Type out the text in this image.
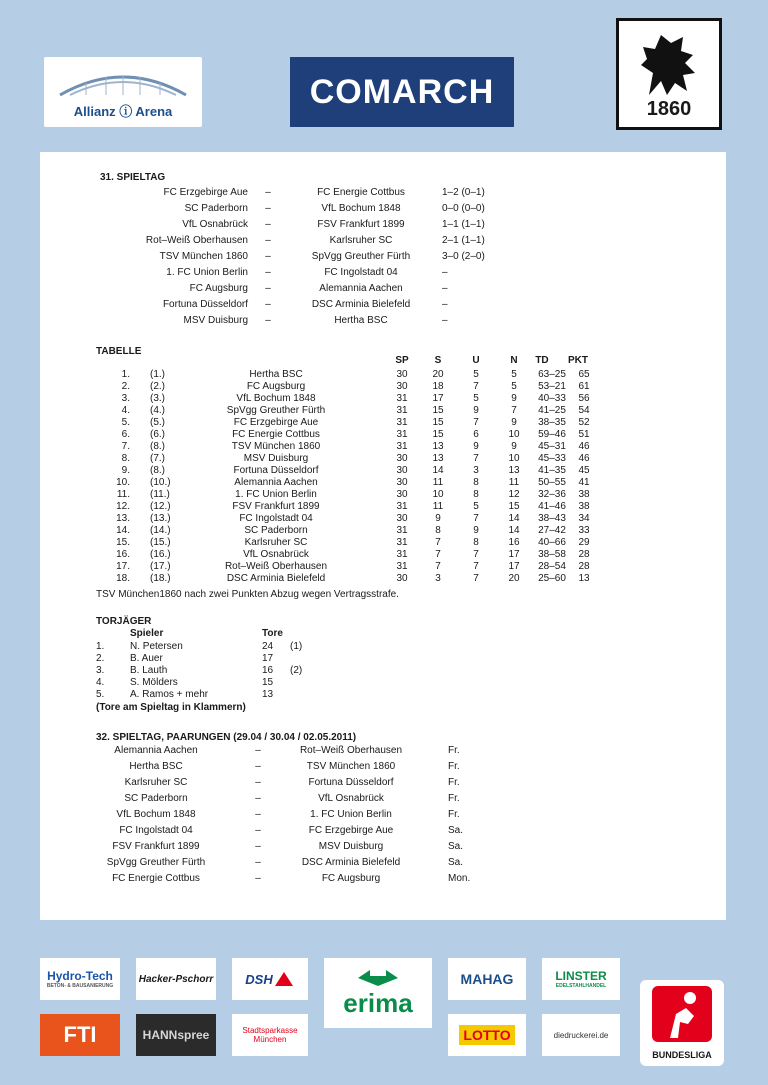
Allianz ⓘ Arena
COMARCH	1860
31. SPIELTAG
FC Erzgebirge Aue	–	FC Energie Cottbus	1–2 (0–1)
SC Paderborn	–	VfL Bochum 1848	0–0 (0–0)
VfL Osnabrück	–	FSV Frankfurt 1899	1–1 (1–1)
Rot–Weiß Oberhausen	–	Karlsruher SC	2–1 (1–1)
TSV München 1860	–	SpVgg Greuther Fürth	3–0 (2–0)
1. FC Union Berlin	–	FC Ingolstadt 04	–
FC Augsburg	–	Alemannia Aachen	–
Fortuna Düsseldorf	–	DSC Arminia Bielefeld	–
MSV Duisburg	–	Hertha BSC	–
TABELLE
SP	S	U	N	TD	PKT
1. (1.)	Hertha BSC	30	20	5	5	63–25	65
2. (2.)	FC Augsburg	30	18	7	5	53–21	61
3. (3.)	VfL Bochum 1848	31	17	5	9	40–33	56
4. (4.)	SpVgg Greuther Fürth	31	15	9	7	41–25	54
5. (5.)	FC Erzgebirge Aue	31	15	7	9	38–35	52
6. (6.)	FC Energie Cottbus	31	15	6	10	59–46	51
7. (8.)	TSV München 1860	31	13	9	9	45–31	46
8. (7.)	MSV Duisburg	30	13	7	10	45–33	46
9. (8.)	Fortuna Düsseldorf	30	14	3	13	41–35	45
10. (10.)	Alemannia Aachen	30	11	8	11	50–55	41
11. (11.)	1. FC Union Berlin	30	10	8	12	32–36	38
12. (12.)	FSV Frankfurt 1899	31	11	5	15	41–46	38
13. (13.)	FC Ingolstadt 04	30	9	7	14	38–43	34
14. (14.)	SC Paderborn	31	8	9	14	27–42	33
15. (15.)	Karlsruher SC	31	7	8	16	40–66	29
16. (16.)	VfL Osnabrück	31	7	7	17	38–58	28
17. (17.)	Rot–Weiß Oberhausen	31	7	7	17	28–54	28
18. (18.)	DSC Arminia Bielefeld	30	3	7	20	25–60	13
TSV München1860 nach zwei Punkten Abzug wegen Vertragsstrafe.
TORJÄGER
Spieler	Tore
1.	N. Petersen	24 (1)
2.	B. Auer	17
3.	B. Lauth	16 (2)
4.	S. Mölders	15
5.	A. Ramos + mehr	13
(Tore am Spieltag in Klammern)
32. SPIELTAG, PAARUNGEN (29.04 / 30.04 / 02.05.2011)
Alemannia Aachen	–	Rot–Weiß Oberhausen	Fr.
Hertha BSC	–	TSV München 1860	Fr.
Karlsruher SC	–	Fortuna Düsseldorf	Fr.
SC Paderborn	–	VfL Osnabrück	Fr.
VfL Bochum 1848	–	1. FC Union Berlin	Fr.
FC Ingolstadt 04	–	FC Erzgebirge Aue	Sa.
FSV Frankfurt 1899	–	MSV Duisburg	Sa.
SpVgg Greuther Fürth	–	DSC Arminia Bielefeld	Sa.
FC Energie Cottbus	–	FC Augsburg	Mon.
Hydro-Tech
BETON- & BAUSANIERUNG
Hacker-Pschorr DSH
erima
MAHAG	LINSTER
EDELSTAHLHANDEL
FTI	HANNspree	Stadtsparkasse München	LOTTO	diedruckerei.de
BUNDESLIGA
